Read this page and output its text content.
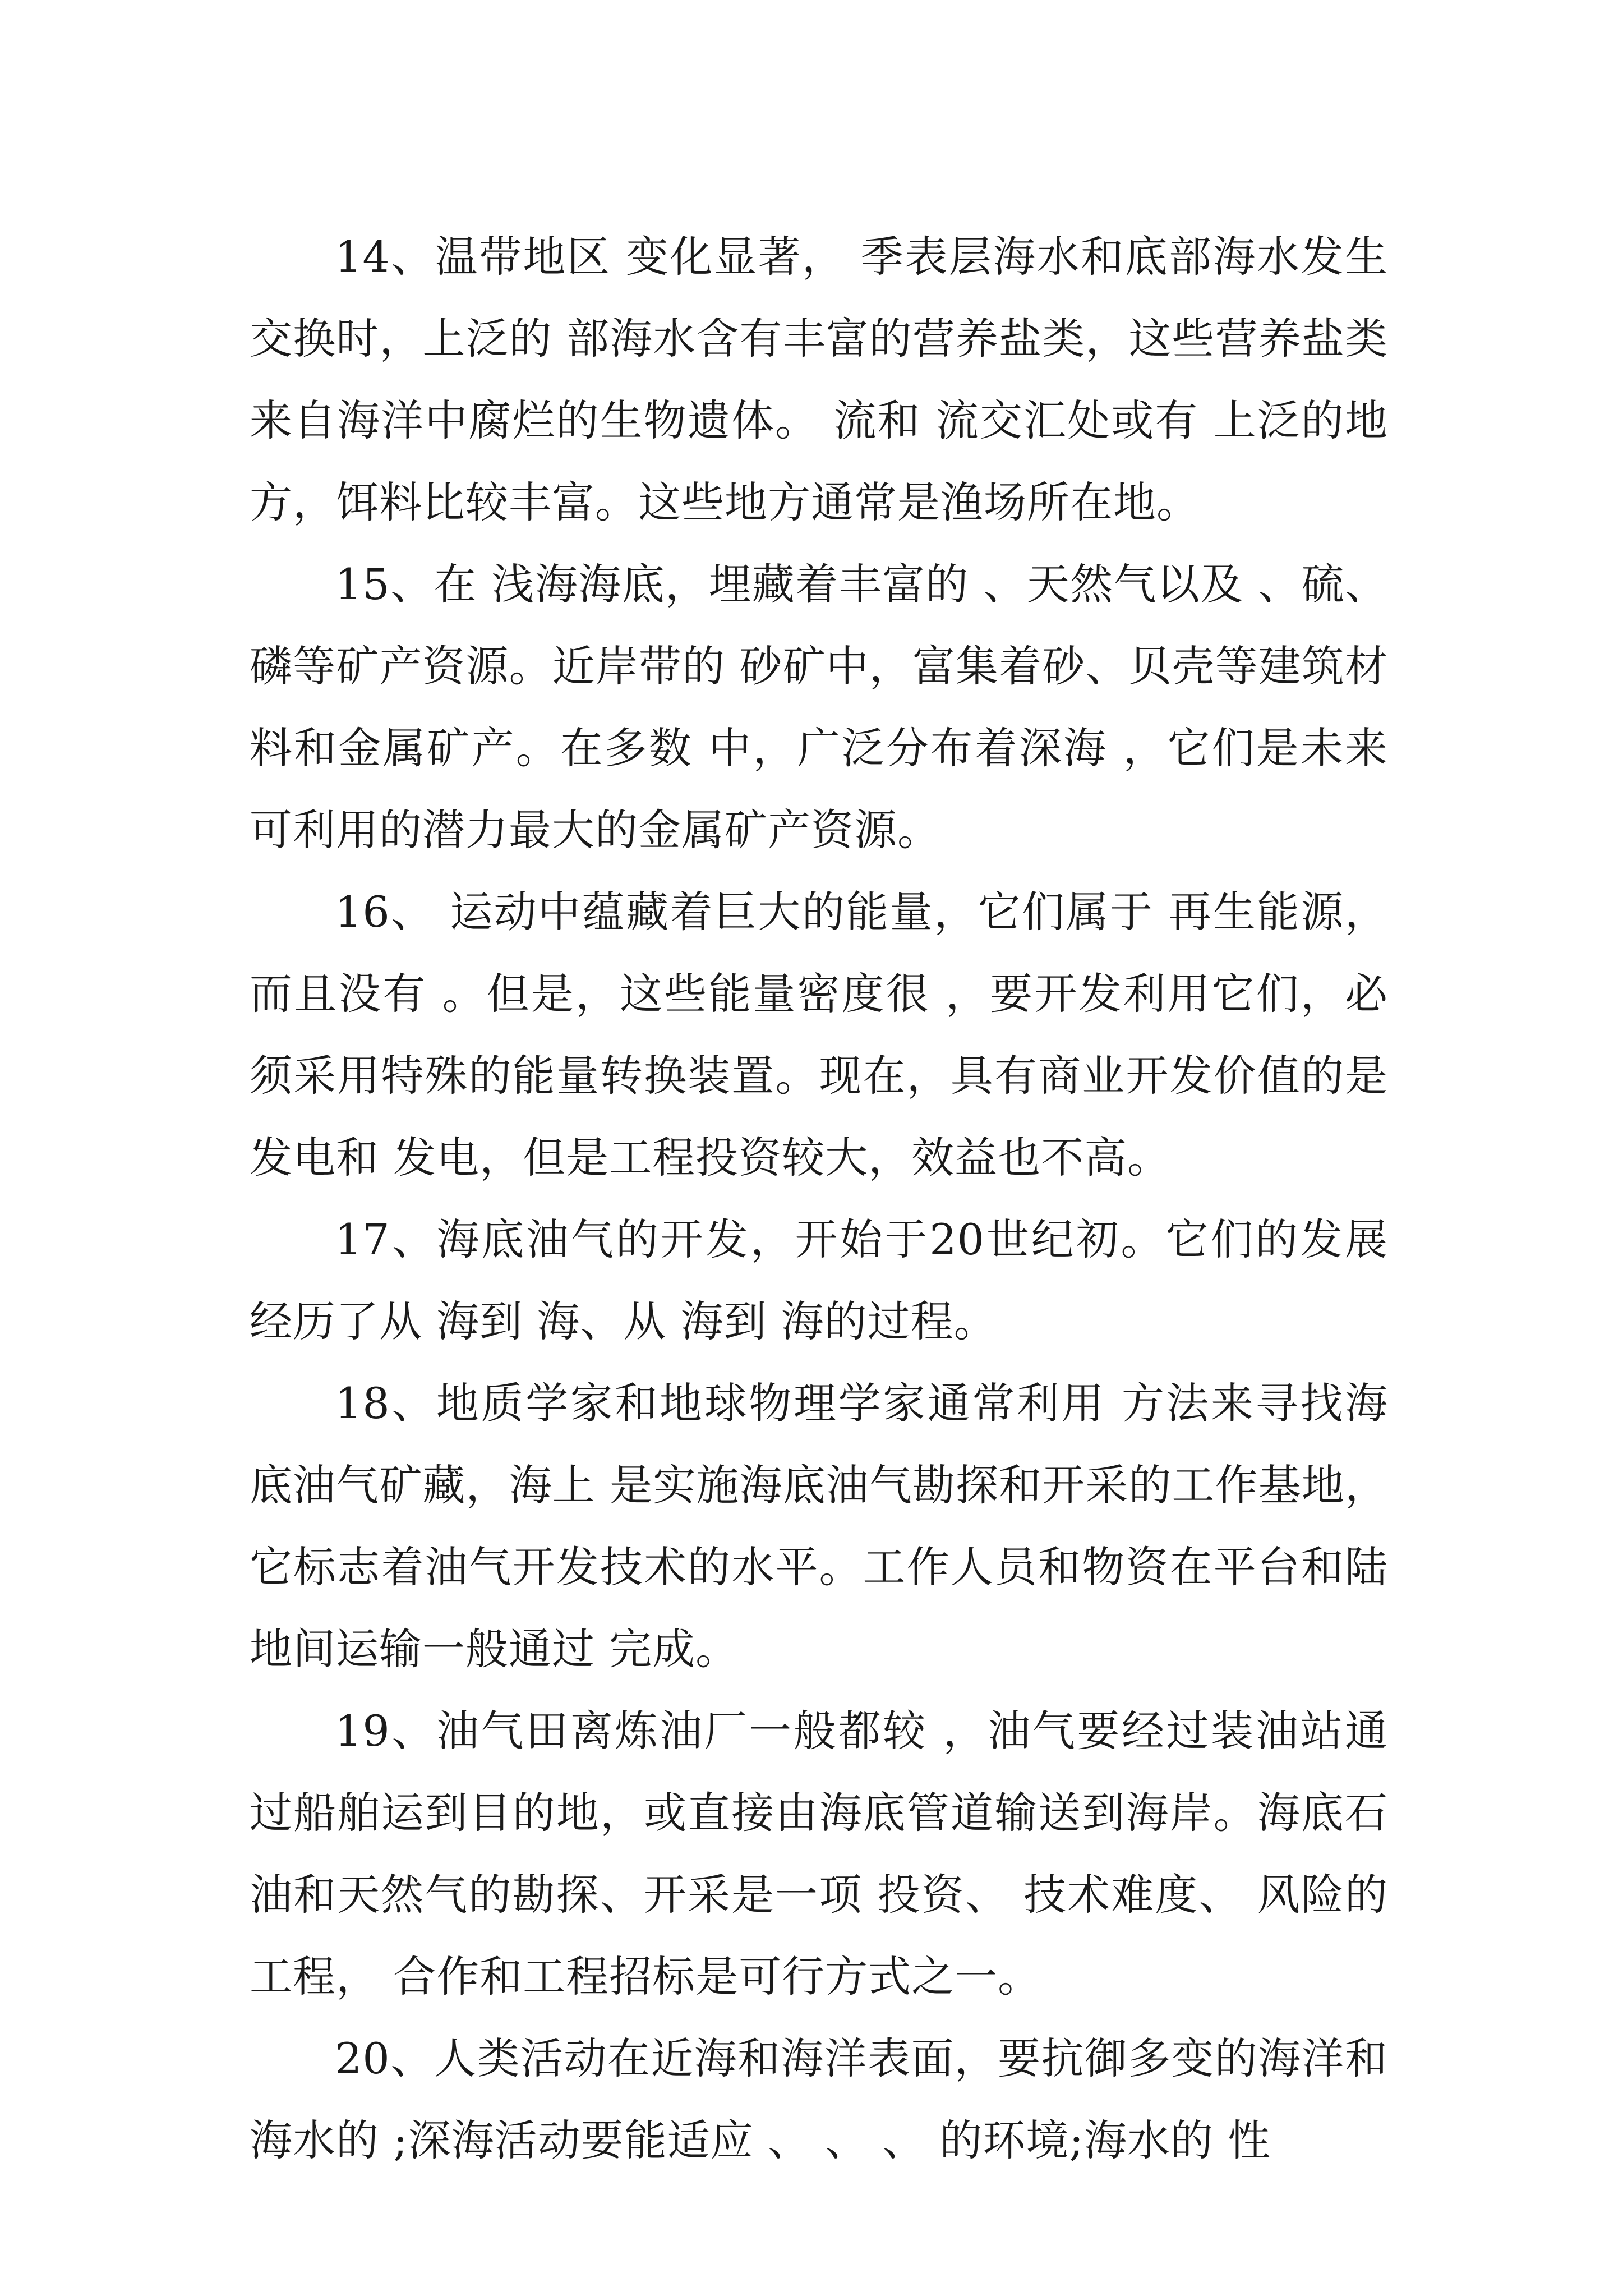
14、温带地区 变化显著， 季表层海水和底部海水发生交换时，上泛的 部海水含有丰富的营养盐类，这些营养盐类来自海洋中腐烂的生物遗体。 流和 流交汇处或有 上泛的地方，饵料比较丰富。这些地方通常是渔场所在地。

15、在 浅海海底，埋藏着丰富的 、天然气以及 、硫、磷等矿产资源。近岸带的 砂矿中，富集着砂、贝壳等建筑材料和金属矿产。在多数 中，广泛分布着深海 ，它们是未来可利用的潜力最大的金属矿产资源。

16、 运动中蕴藏着巨大的能量，它们属于 再生能源，而且没有 。但是，这些能量密度很 ，要开发利用它们，必须采用特殊的能量转换装置。现在，具有商业开发价值的是 发电和 发电，但是工程投资较大，效益也不高。

17、海底油气的开发，开始于20世纪初。它们的发展经历了从 海到 海、从 海到 海的过程。

18、地质学家和地球物理学家通常利用 方法来寻找海底油气矿藏，海上 是实施海底油气勘探和开采的工作基地，它标志着油气开发技术的水平。工作人员和物资在平台和陆地间运输一般通过 完成。

19、油气田离炼油厂一般都较 ，油气要经过装油站通过船舶运到目的地，或直接由海底管道输送到海岸。海底石油和天然气的勘探、开采是一项 投资、 技术难度、 风险的工程， 合作和工程招标是可行方式之一。

20、人类活动在近海和海洋表面，要抗御多变的海洋和海水的 ;深海活动要能适应 、 、 、 的环境;海水的 性
